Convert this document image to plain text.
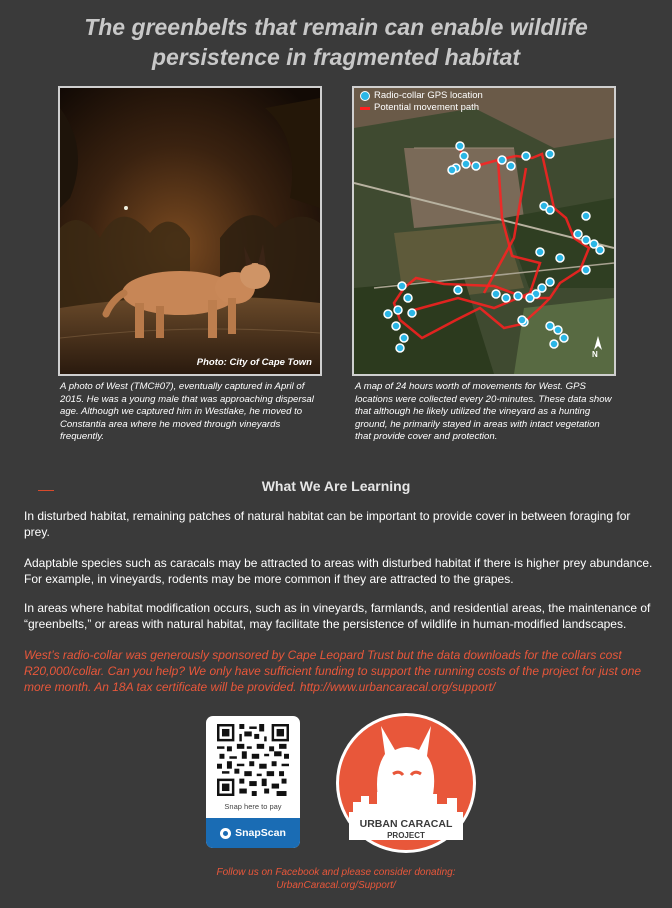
The greenbelts that remain can enable wildlife
persistence in fragmented habitat
Photo: City of Cape Town
A photo of West (TMC#07), eventually captured in April of 2015. He was a young male that was approaching dispersal age. Although we captured him in Westlake, he moved to Constantia area where he moved through vineyards frequently.
Radio-collar GPS location
Potential movement path
N
A map of 24 hours worth of movements for West. GPS locations were collected every 20-minutes. These data show that although he likely utilized the vineyard as a hunting ground, he primarily stayed in areas with intact vegetation that provide cover and protection.
What We Are Learning
In disturbed habitat, remaining patches of natural habitat can be important to provide cover in between foraging for prey.
Adaptable species such as caracals may be attracted to areas with disturbed habitat if there is higher prey abundance. For example, in vineyards, rodents may be more common if they are attracted to the grapes.
In areas where habitat modification occurs, such as in vineyards, farmlands, and residential areas, the maintenance of “greenbelts,” or areas with natural habitat, may facilitate the persistence of wildlife in human-modified landscapes.
West’s radio-collar was generously sponsored by Cape Leopard Trust but the data downloads for the collars cost R20,000/collar. Can you help? We only have sufficient funding to support the running costs of the project for just one more month. An 18A tax certificate will be provided. http://www.urbancaracal.org/support/
Snap here to pay
SnapScan
URBAN CARACAL
PROJECT
Follow us on Facebook and please consider donating:
UrbanCaracal.org/Support/
